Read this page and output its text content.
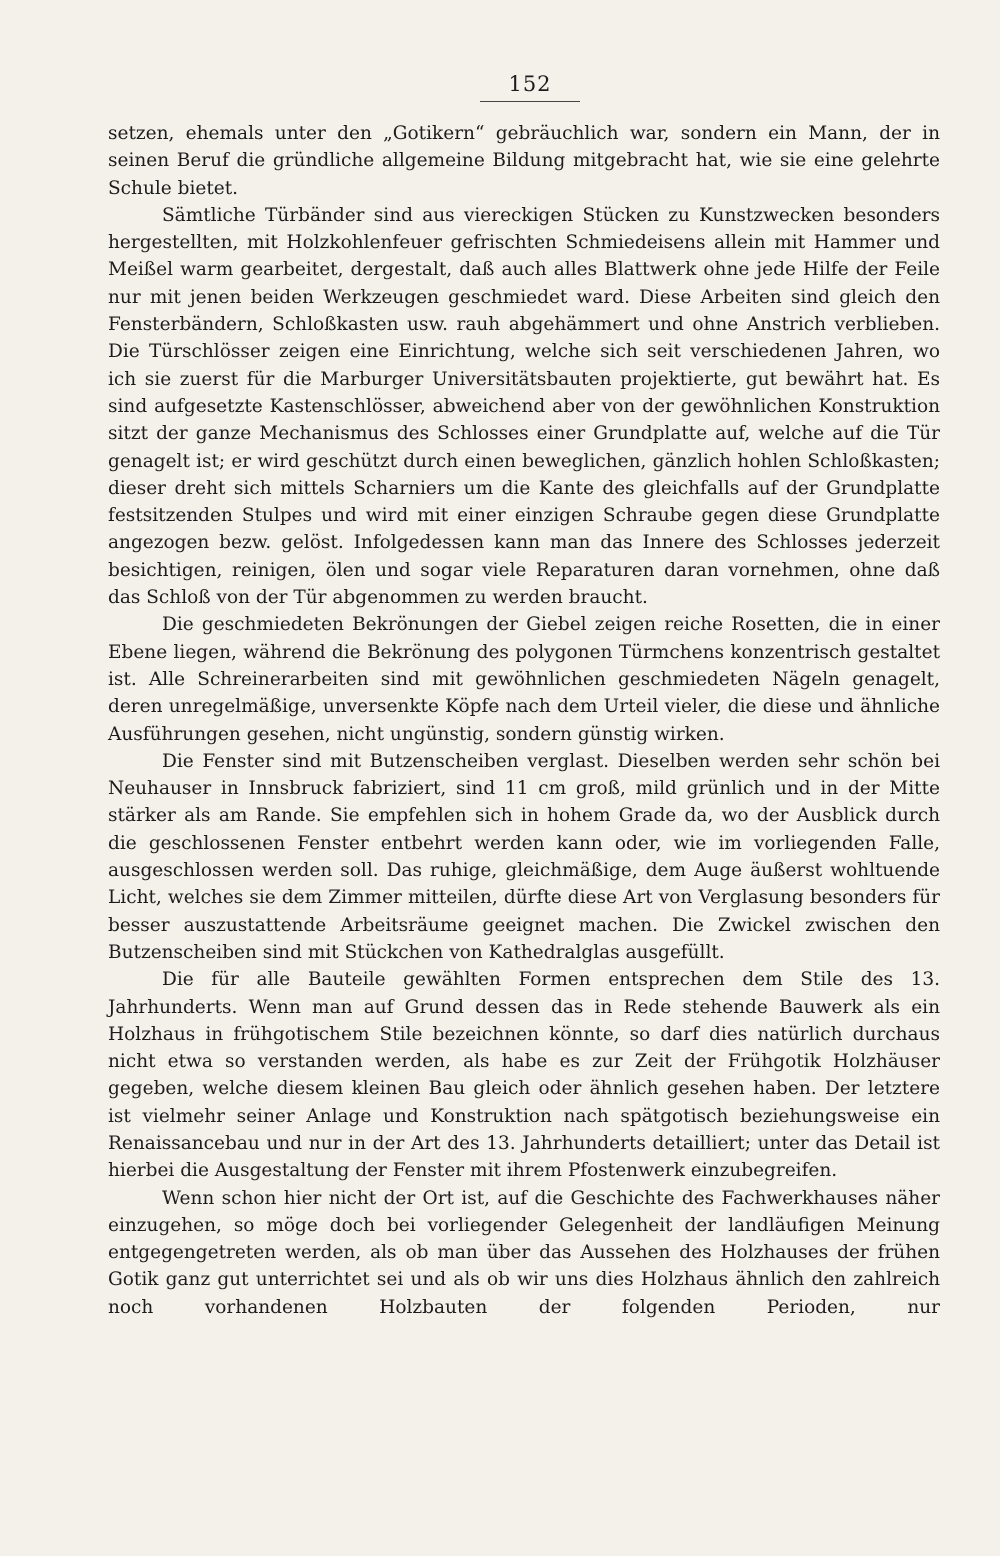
152

setzen, ehemals unter den „Gotikern“ gebräuchlich war, sondern ein Mann, der in seinen Beruf die gründliche allgemeine Bildung mitgebracht hat, wie sie eine gelehrte Schule bietet.

Sämtliche Türbänder sind aus viereckigen Stücken zu Kunstzwecken besonders hergestellten, mit Holzkohlenfeuer gefrischten Schmiedeisens allein mit Hammer und Meißel warm gearbeitet, dergestalt, daß auch alles Blattwerk ohne jede Hilfe der Feile nur mit jenen beiden Werkzeugen geschmiedet ward. Diese Arbeiten sind gleich den Fensterbändern, Schloßkasten usw. rauh abgehämmert und ohne Anstrich verblieben. Die Türschlösser zeigen eine Einrichtung, welche sich seit verschiedenen Jahren, wo ich sie zuerst für die Marburger Universitätsbauten projektierte, gut bewährt hat. Es sind aufgesetzte Kastenschlösser, abweichend aber von der gewöhnlichen Konstruktion sitzt der ganze Mechanismus des Schlosses einer Grundplatte auf, welche auf die Tür genagelt ist; er wird geschützt durch einen beweglichen, gänzlich hohlen Schloßkasten; dieser dreht sich mittels Scharniers um die Kante des gleichfalls auf der Grundplatte festsitzenden Stulpes und wird mit einer einzigen Schraube gegen diese Grundplatte angezogen bezw. gelöst. Infolgedessen kann man das Innere des Schlosses jederzeit besichtigen, reinigen, ölen und sogar viele Reparaturen daran vornehmen, ohne daß das Schloß von der Tür abgenommen zu werden braucht.

Die geschmiedeten Bekrönungen der Giebel zeigen reiche Rosetten, die in einer Ebene liegen, während die Bekrönung des polygonen Türmchens konzentrisch gestaltet ist. Alle Schreinerarbeiten sind mit gewöhnlichen geschmiedeten Nägeln genagelt, deren unregelmäßige, unversenkte Köpfe nach dem Urteil vieler, die diese und ähnliche Ausführungen gesehen, nicht ungünstig, sondern günstig wirken.

Die Fenster sind mit Butzenscheiben verglast. Dieselben werden sehr schön bei Neuhauser in Innsbruck fabriziert, sind 11 cm groß, mild grünlich und in der Mitte stärker als am Rande. Sie empfehlen sich in hohem Grade da, wo der Ausblick durch die geschlossenen Fenster entbehrt werden kann oder, wie im vorliegenden Falle, ausgeschlossen werden soll. Das ruhige, gleichmäßige, dem Auge äußerst wohltuende Licht, welches sie dem Zimmer mitteilen, dürfte diese Art von Verglasung besonders für besser auszustattende Arbeitsräume geeignet machen. Die Zwickel zwischen den Butzenscheiben sind mit Stückchen von Kathedralglas ausgefüllt.

Die für alle Bauteile gewählten Formen entsprechen dem Stile des 13. Jahrhunderts. Wenn man auf Grund dessen das in Rede stehende Bauwerk als ein Holzhaus in frühgotischem Stile bezeichnen könnte, so darf dies natürlich durchaus nicht etwa so verstanden werden, als habe es zur Zeit der Frühgotik Holzhäuser gegeben, welche diesem kleinen Bau gleich oder ähnlich gesehen haben. Der letztere ist vielmehr seiner Anlage und Konstruktion nach spätgotisch beziehungsweise ein Renaissancebau und nur in der Art des 13. Jahrhunderts detailliert; unter das Detail ist hierbei die Ausgestaltung der Fenster mit ihrem Pfostenwerk einzubegreifen.

Wenn schon hier nicht der Ort ist, auf die Geschichte des Fachwerkhauses näher einzugehen, so möge doch bei vorliegender Gelegenheit der landläufigen Meinung entgegengetreten werden, als ob man über das Aussehen des Holzhauses der frühen Gotik ganz gut unterrichtet sei und als ob wir uns dies Holzhaus ähnlich den zahlreich noch vorhandenen Holzbauten der folgenden Perioden, nur
